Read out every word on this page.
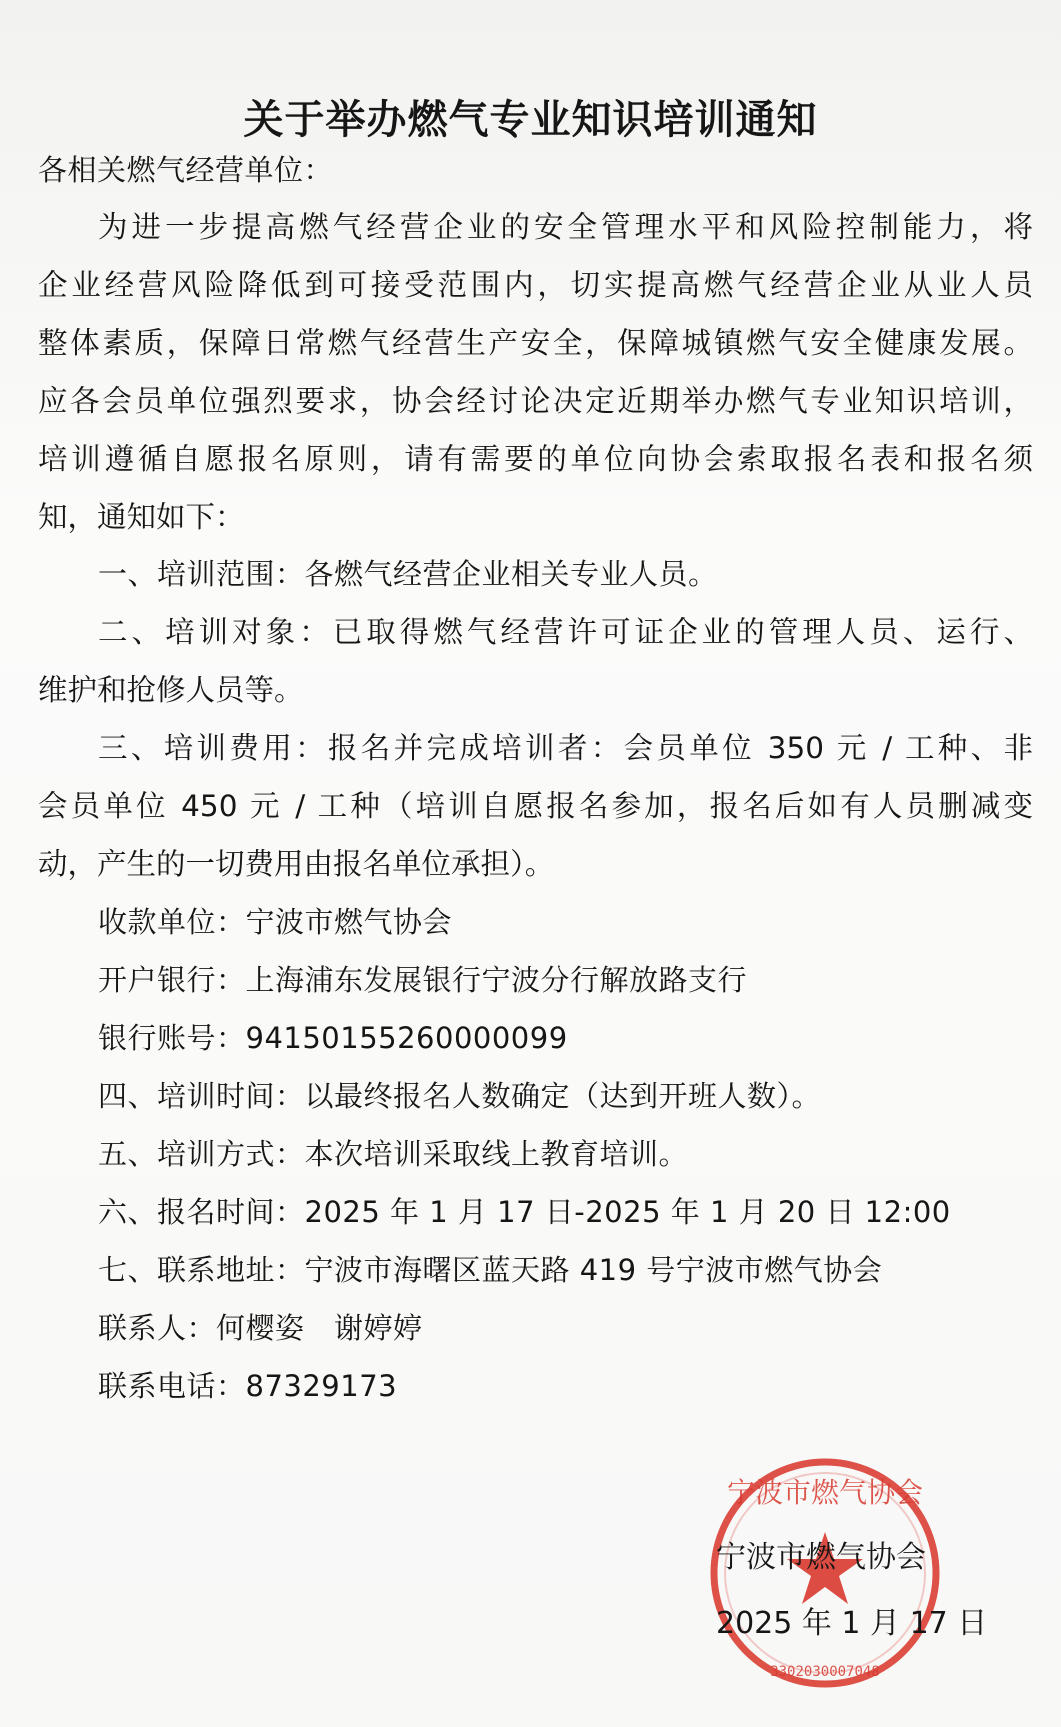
关于举办燃气专业知识培训通知
各相关燃气经营单位：
为进一步提高燃气经营企业的安全管理水平和风险控制能力，将
企业经营风险降低到可接受范围内，切实提高燃气经营企业从业人员
整体素质，保障日常燃气经营生产安全，保障城镇燃气安全健康发展。
应各会员单位强烈要求，协会经讨论决定近期举办燃气专业知识培训，
培训遵循自愿报名原则，请有需要的单位向协会索取报名表和报名须
知，通知如下：
一、培训范围：各燃气经营企业相关专业人员。
二、培训对象：已取得燃气经营许可证企业的管理人员、运行、
维护和抢修人员等。
三、培训费用：报名并完成培训者：会员单位 350 元 / 工种、非
会员单位 450 元 / 工种（培训自愿报名参加，报名后如有人员删减变
动，产生的一切费用由报名单位承担）。
收款单位：宁波市燃气协会
开户银行：上海浦东发展银行宁波分行解放路支行
银行账号：94150155260000099
四、培训时间：以最终报名人数确定（达到开班人数）。
五、培训方式：本次培训采取线上教育培训。
六、报名时间：2025 年 1 月 17 日-2025 年 1 月 20 日 12:00
七、联系地址：宁波市海曙区蓝天路 419 号宁波市燃气协会
联系人：何樱姿　谢婷婷
联系电话：87329173
宁波市燃气协会
3302030007048
宁波市燃气协会
2025 年 1 月 17 日
